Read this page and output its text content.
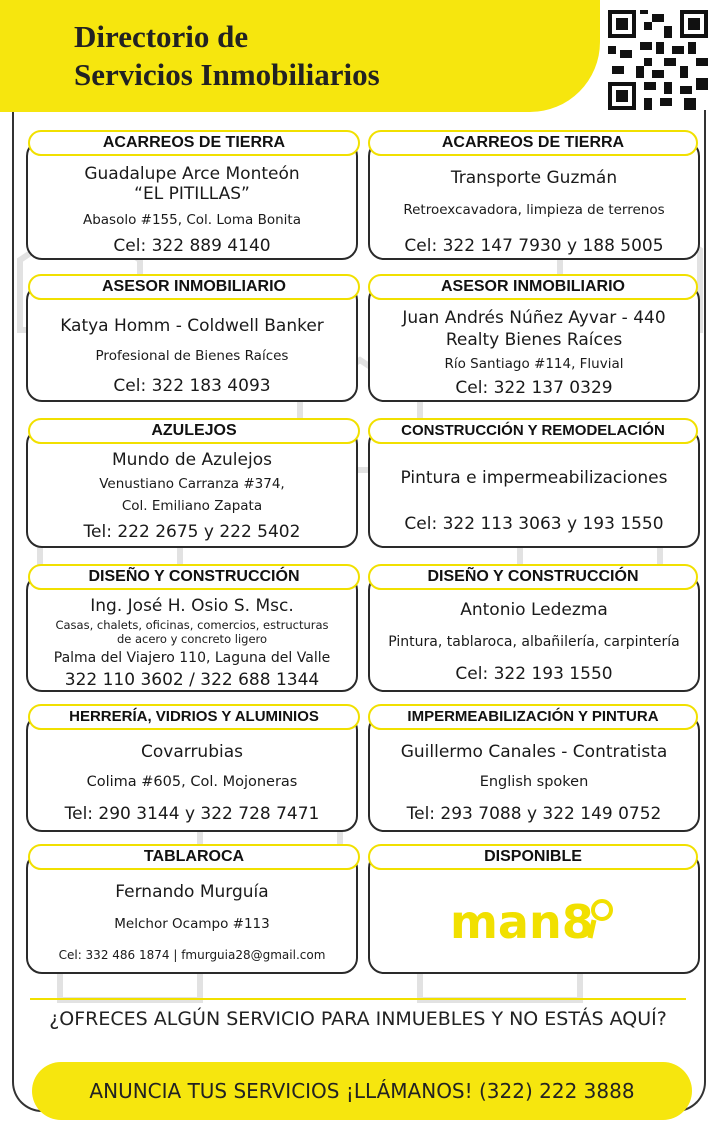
Directorio de
Servicios Inmobiliarios
Guadalupe Arce Monteón
“EL PITILLAS”
Abasolo #155, Col. Loma Bonita
Cel: 322 889 4140
ACARREOS DE TIERRA
Transporte Guzmán
Retroexcavadora, limpieza de terrenos
Cel: 322 147 7930 y 188 5005
ACARREOS DE TIERRA
Katya Homm - Coldwell Banker
Profesional de Bienes Raíces
Cel: 322 183 4093
ASESOR INMOBILIARIO
Juan Andrés Núñez Ayvar - 440
Realty Bienes Raíces
Río Santiago #114, Fluvial
Cel: 322 137 0329
ASESOR INMOBILIARIO
Mundo de Azulejos
Venustiano Carranza #374,
Col. Emiliano Zapata
Tel: 222 2675 y 222 5402
AZULEJOS
Pintura e impermeabilizaciones
Cel: 322 113 3063 y 193 1550
CONSTRUCCIÓN Y REMODELACIÓN
Ing. José H. Osio S. Msc.
Casas, chalets, oficinas, comercios, estructuras
de acero y concreto ligero
Palma del Viajero 110, Laguna del Valle
322 110 3602 / 322 688 1344
DISEÑO Y CONSTRUCCIÓN
Antonio Ledezma
Pintura, tablaroca, albañilería, carpintería
Cel: 322 193 1550
DISEÑO Y CONSTRUCCIÓN
Covarrubias
Colima #605, Col. Mojoneras
Tel: 290 3144 y 322 728 7471
HERRERÍA, VIDRIOS Y ALUMINIOS
Guillermo Canales - Contratista
English spoken
Tel: 293 7088 y 322 149 0752
IMPERMEABILIZACIÓN Y PINTURA
Fernando Murguía
Melchor Ocampo #113
Cel: 332 486 1874 | fmurguia28@gmail.com
TABLAROCA
man8
DISPONIBLE
¿OFRECES ALGÚN SERVICIO PARA INMUEBLES Y NO ESTÁS AQUÍ?
ANUNCIA TUS SERVICIOS ¡LLÁMANOS! (322) 222 3888
